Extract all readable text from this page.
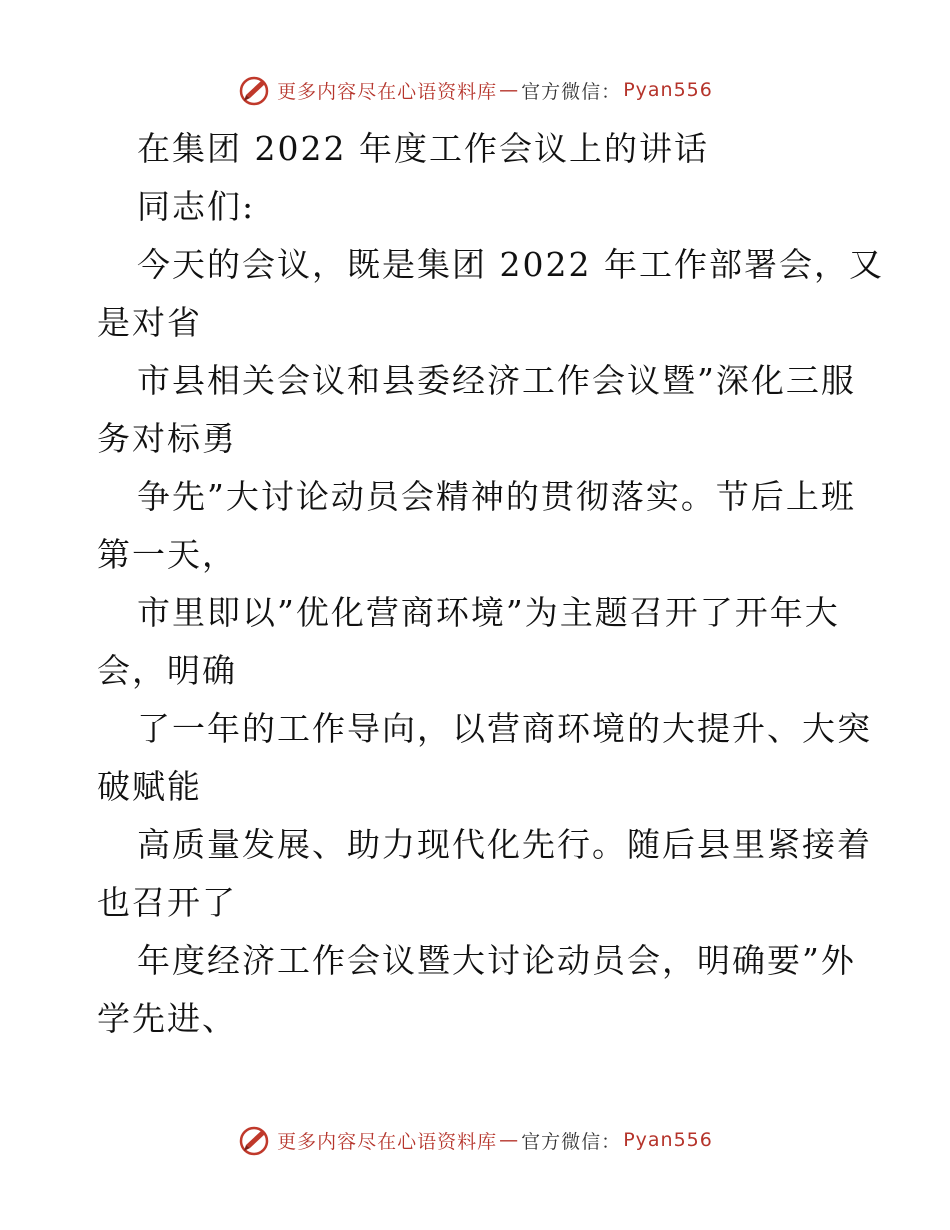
更多内容尽在心语资料库 — 官方微信： Pyan556
在集团 2022 年度工作会议上的讲话
同志们:
今天的会议，既是集团 2022 年工作部署会，又
是对省
市县相关会议和县委经济工作会议暨”深化三服
务对标勇
争先”大讨论动员会精神的贯彻落实。节后上班
第一天，
市里即以”优化营商环境”为主题召开了开年大
会，明确
了一年的工作导向，以营商环境的大提升、大突
破赋能
高质量发展、助力现代化先行。随后县里紧接着
也召开了
年度经济工作会议暨大讨论动员会，明确要”外
学先进、
更多内容尽在心语资料库 — 官方微信： Pyan556
